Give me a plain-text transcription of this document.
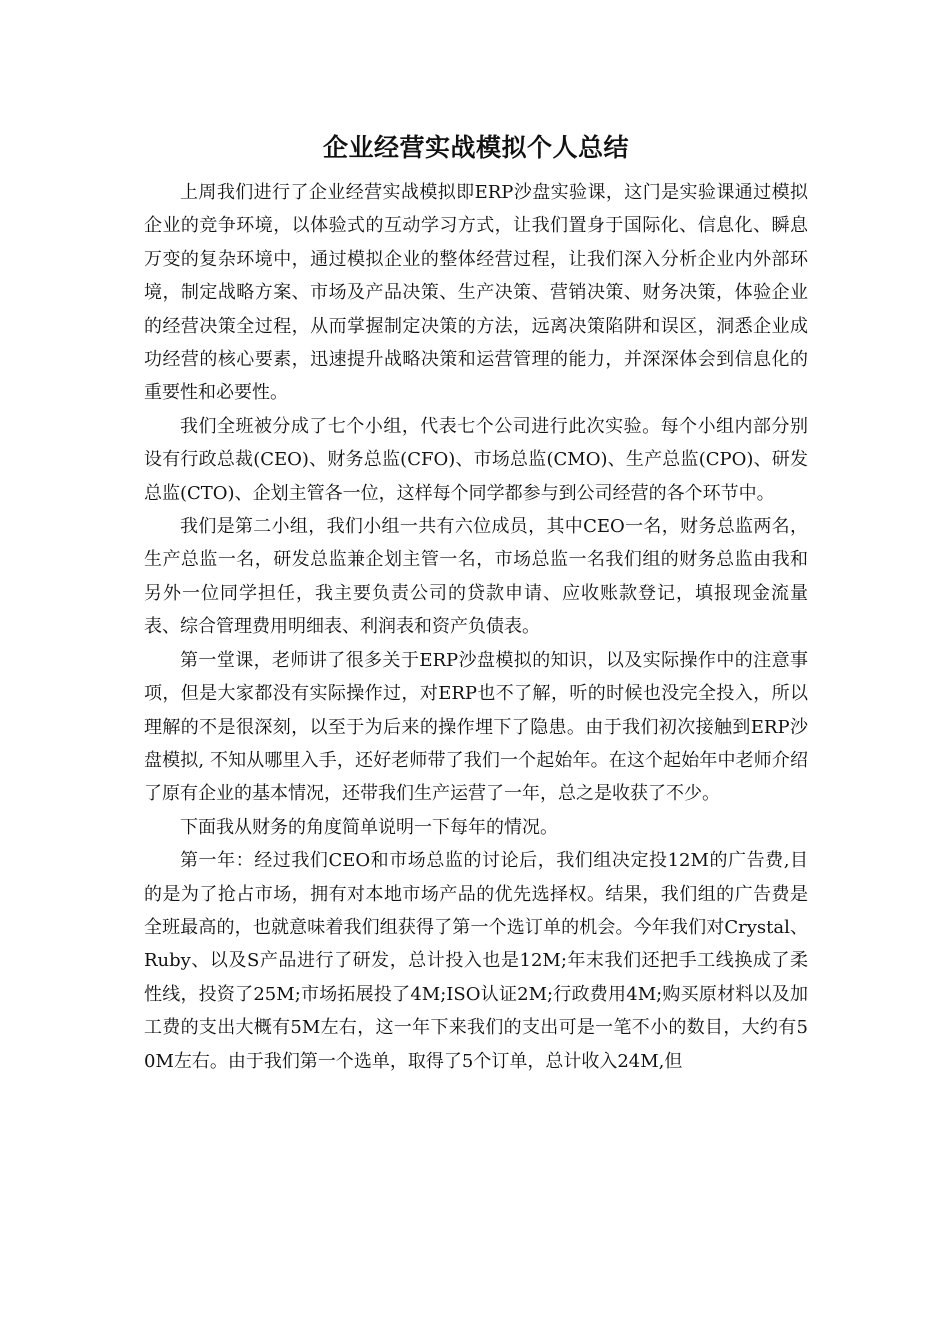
企业经营实战模拟个人总结

上周我们进行了企业经营实战模拟即ERP沙盘实验课，这门是实验课通过模拟企业的竞争环境，以体验式的互动学习方式，让我们置身于国际化、信息化、瞬息万变的复杂环境中，通过模拟企业的整体经营过程，让我们深入分析企业内外部环境，制定战略方案、市场及产品决策、生产决策、营销决策、财务决策，体验企业的经营决策全过程，从而掌握制定决策的方法，远离决策陷阱和误区，洞悉企业成功经营的核心要素，迅速提升战略决策和运营管理的能力，并深深体会到信息化的重要性和必要性。

我们全班被分成了七个小组，代表七个公司进行此次实验。每个小组内部分别设有行政总裁(CEO)、财务总监(CFO)、市场总监(CMO)、生产总监(CPO)、研发总监(CTO)、企划主管各一位，这样每个同学都参与到公司经营的各个环节中。

我们是第二小组，我们小组一共有六位成员，其中CEO一名，财务总监两名，生产总监一名，研发总监兼企划主管一名，市场总监一名我们组的财务总监由我和另外一位同学担任，我主要负责公司的贷款申请、应收账款登记，填报现金流量表、综合管理费用明细表、利润表和资产负债表。

第一堂课，老师讲了很多关于ERP沙盘模拟的知识，以及实际操作中的注意事项，但是大家都没有实际操作过，对ERP也不了解，听的时候也没完全投入，所以理解的不是很深刻，以至于为后来的操作埋下了隐患。由于我们初次接触到ERP沙盘模拟, 不知从哪里入手，还好老师带了我们一个起始年。在这个起始年中老师介绍了原有企业的基本情况，还带我们生产运营了一年，总之是收获了不少。

下面我从财务的角度简单说明一下每年的情况。

第一年：经过我们CEO和市场总监的讨论后，我们组决定投12M的广告费,目的是为了抢占市场，拥有对本地市场产品的优先选择权。结果，我们组的广告费是全班最高的，也就意味着我们组获得了第一个选订单的机会。今年我们对Crystal、Ruby、以及S产品进行了研发，总计投入也是12M;年末我们还把手工线换成了柔性线，投资了25M;市场拓展投了4M;ISO认证2M;行政费用4M;购买原材料以及加工费的支出大概有5M左右，这一年下来我们的支出可是一笔不小的数目，大约有50M左右。由于我们第一个选单，取得了5个订单，总计收入24M,但
